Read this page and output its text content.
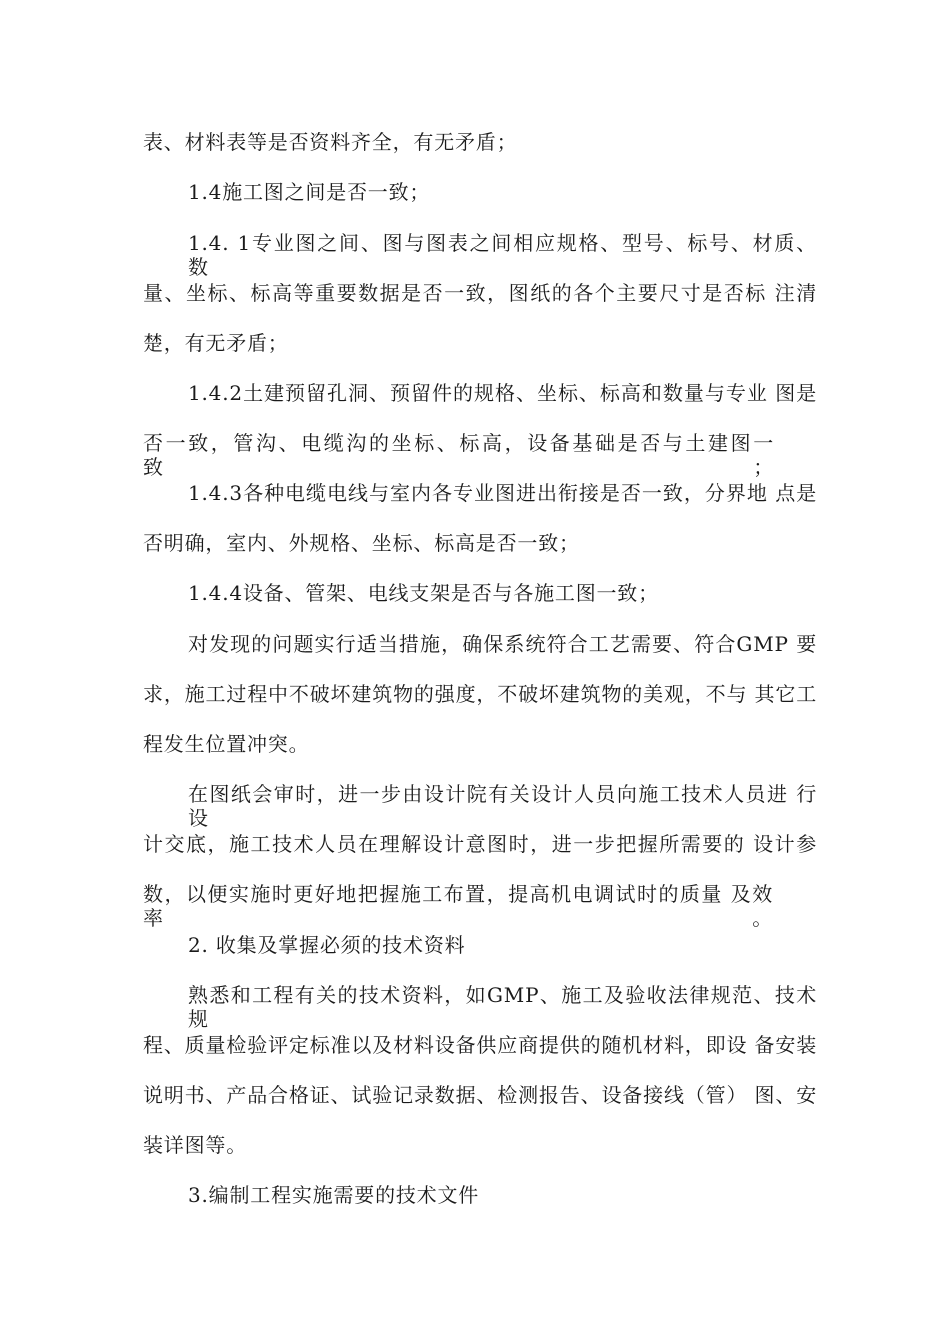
表、材料表等是否资料齐全，有无矛盾；

1.4施工图之间是否一致；

1.4. 1专业图之间、图与图表之间相应规格、型号、标号、材质、 数

量、坐标、标高等重要数据是否一致，图纸的各个主要尺寸是否标 注清

楚，有无矛盾；

1.4.2土建预留孔洞、预留件的规格、坐标、标高和数量与专业 图是

否一致，管沟、电缆沟的坐标、标高，设备基础是否与土建图一 致；

1.4.3各种电缆电线与室内各专业图进出衔接是否一致，分界地 点是

否明确，室内、外规格、坐标、标高是否一致；

1.4.4设备、管架、电线支架是否与各施工图一致；

对发现的问题实行适当措施，确保系统符合工艺需要、符合GMP 要

求，施工过程中不破坏建筑物的强度，不破坏建筑物的美观，不与 其它工

程发生位置冲突。

在图纸会审时，进一步由设计院有关设计人员向施工技术人员进 行设

计交底，施工技术人员在理解设计意图时，进一步把握所需要的 设计参

数，以便实施时更好地把握施工布置，提高机电调试时的质量 及效率。

2. 收集及掌握必须的技术资料

熟悉和工程有关的技术资料，如GMP、施工及验收法律规范、技术 规

程、质量检验评定标准以及材料设备供应商提供的随机材料，即设 备安装

说明书、产品合格证、试验记录数据、检测报告、设备接线（管） 图、安

装详图等。

3.编制工程实施需要的技术文件
